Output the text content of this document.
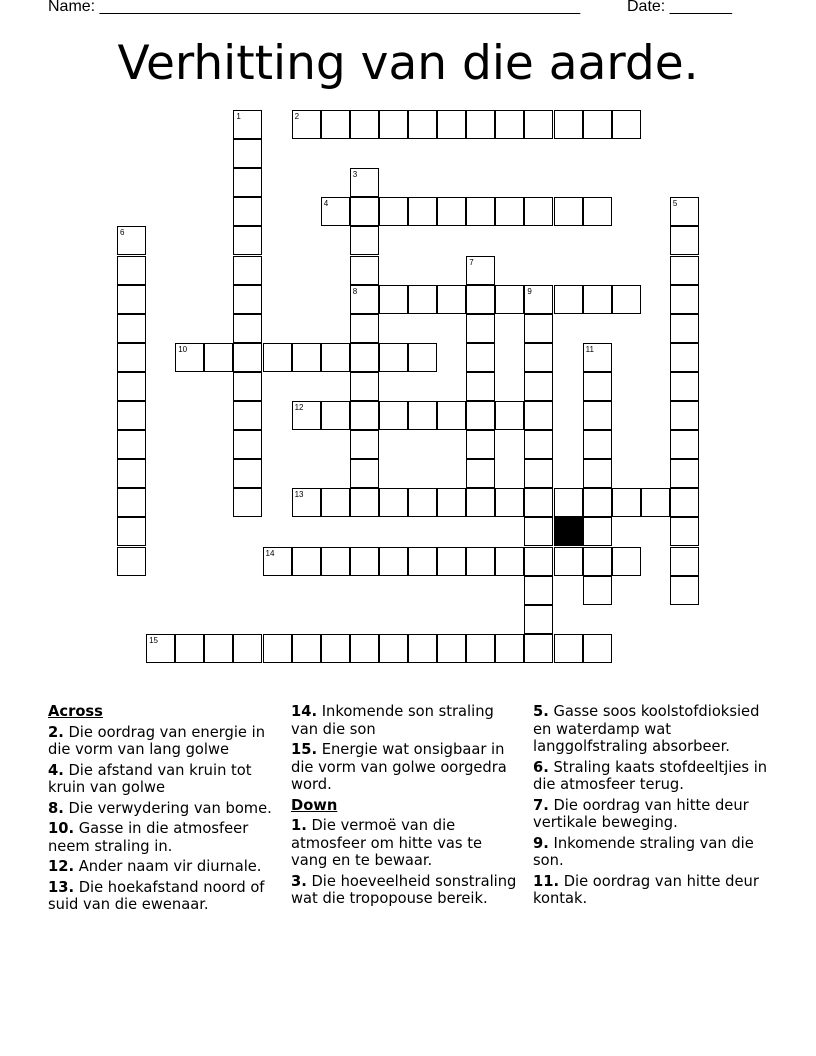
Name: ______________________________________________________	Date: _______
Verhitting van die aarde.
1	2
3
8
4	5
6
7
9
10	11
12
13
14
15
Across
2. Die oordrag van energie in die vorm van lang golwe
4. Die afstand van kruin tot kruin van golwe
8. Die verwydering van bome.
10. Gasse in die atmosfeer neem straling in.
12. Ander naam vir diurnale.
13. Die hoekafstand noord of suid van die ewenaar.
14. Inkomende son straling van die son
15. Energie wat onsigbaar in die vorm van golwe oorgedra word.
Down
1. Die vermoë van die atmosfeer om hitte vas te vang en te bewaar.
3. Die hoeveelheid sonstraling wat die tropopouse bereik.
5. Gasse soos koolstofdioksied en waterdamp wat langgolfstraling absorbeer.
6. Straling kaats stofdeeltjies in die atmosfeer terug.
7. Die oordrag van hitte deur vertikale beweging.
9. Inkomende straling van die son.
11. Die oordrag van hitte deur kontak.
